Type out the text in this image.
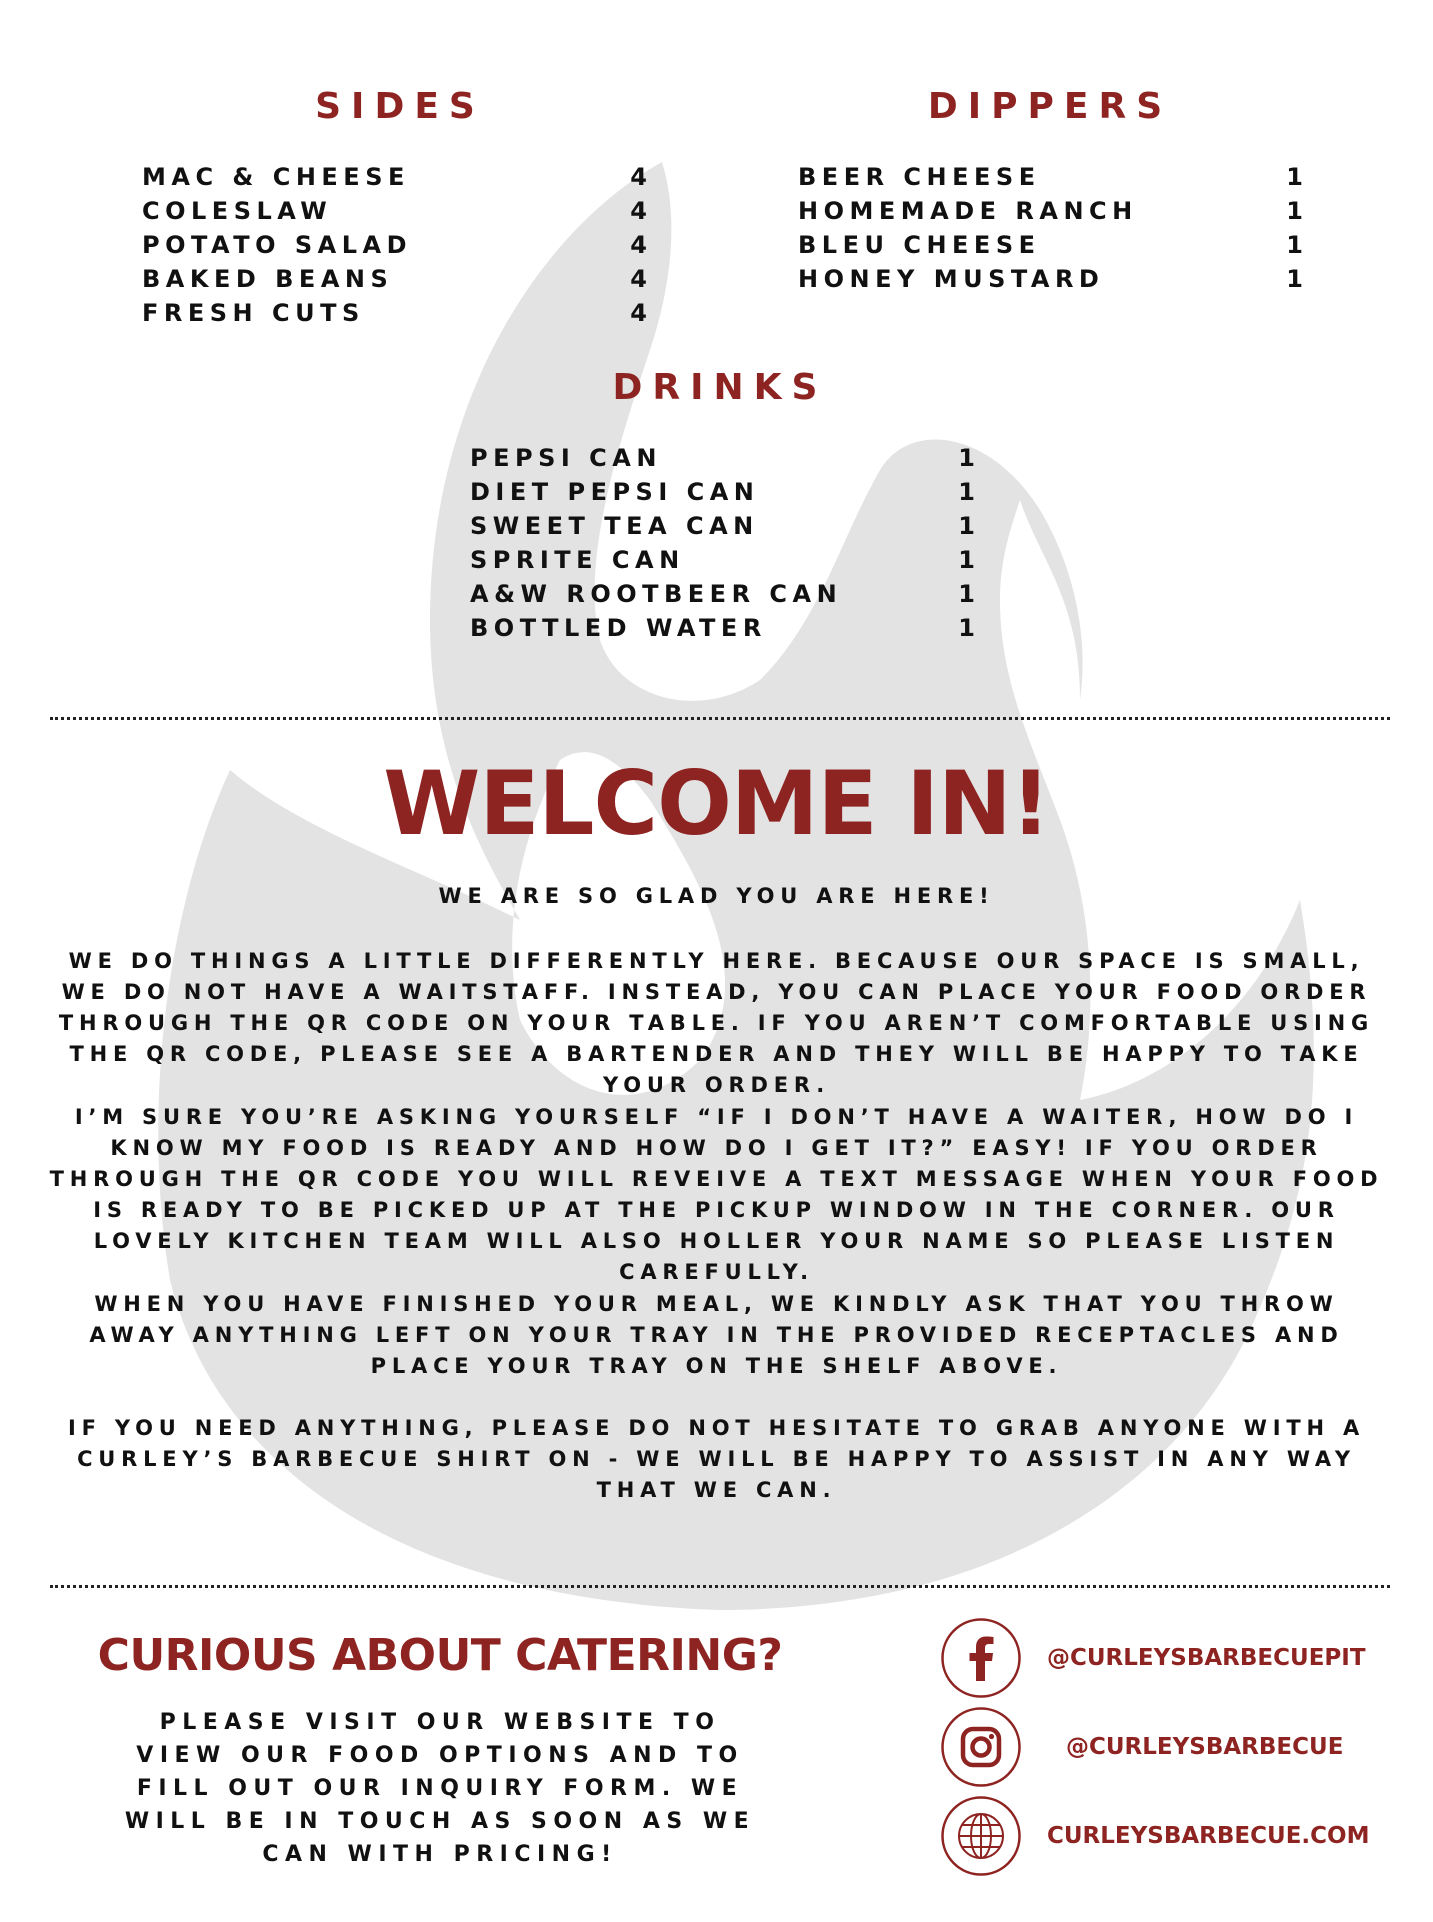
SIDES
MAC & CHEESE	4
COLESLAW	4
POTATO SALAD	4
BAKED BEANS	4
FRESH CUTS	4
DIPPERS
BEER CHEESE	1
HOMEMADE RANCH	1
BLEU CHEESE	1
HONEY MUSTARD	1
DRINKS
PEPSI CAN	1
DIET PEPSI CAN	1
SWEET TEA CAN	1
SPRITE CAN	1
A&W ROOTBEER CAN	1
BOTTLED WATER	1
WELCOME IN!

WE ARE SO GLAD YOU ARE HERE!

WE DO THINGS A LITTLE DIFFERENTLY HERE. BECAUSE OUR SPACE IS SMALL, WE DO NOT HAVE A WAITSTAFF. INSTEAD, YOU CAN PLACE YOUR FOOD ORDER THROUGH THE QR CODE ON YOUR TABLE. IF YOU AREN’T COMFORTABLE USING THE QR CODE, PLEASE SEE A BARTENDER AND THEY WILL BE HAPPY TO TAKE YOUR ORDER.

I’M SURE YOU’RE ASKING YOURSELF “IF I DON’T HAVE A WAITER, HOW DO I KNOW MY FOOD IS READY AND HOW DO I GET IT?” EASY! IF YOU ORDER THROUGH THE QR CODE YOU WILL REVEIVE A TEXT MESSAGE WHEN YOUR FOOD IS READY TO BE PICKED UP AT THE PICKUP WINDOW IN THE CORNER. OUR LOVELY KITCHEN TEAM WILL ALSO HOLLER YOUR NAME SO PLEASE LISTEN CAREFULLY.

WHEN YOU HAVE FINISHED YOUR MEAL, WE KINDLY ASK THAT YOU THROW AWAY ANYTHING LEFT ON YOUR TRAY IN THE PROVIDED RECEPTACLES AND PLACE YOUR TRAY ON THE SHELF ABOVE.

IF YOU NEED ANYTHING, PLEASE DO NOT HESITATE TO GRAB ANYONE WITH A CURLEY’S BARBECUE SHIRT ON - WE WILL BE HAPPY TO ASSIST IN ANY WAY THAT WE CAN.

CURIOUS ABOUT CATERING?

PLEASE VISIT OUR WEBSITE TO VIEW OUR FOOD OPTIONS AND TO FILL OUT OUR INQUIRY FORM. WE WILL BE IN TOUCH AS SOON AS WE CAN WITH PRICING!

@CURLEYSBARBECUEPIT
@CURLEYSBARBECUE
CURLEYSBARBECUE.COM
